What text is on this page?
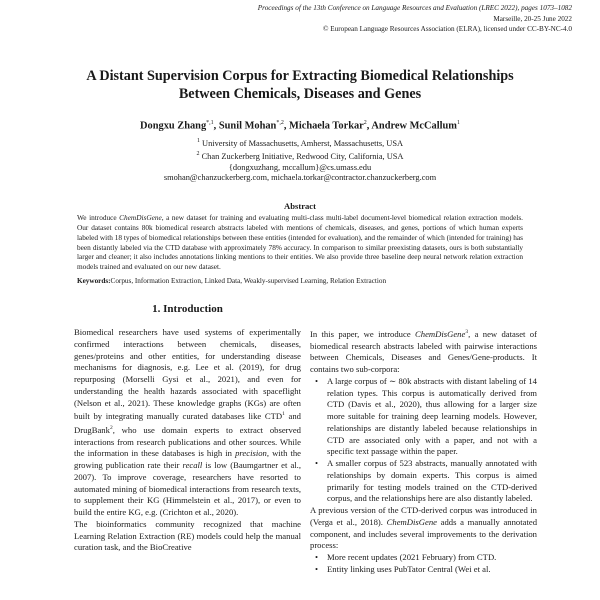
Proceedings of the 13th Conference on Language Resources and Evaluation (LREC 2022), pages 1073–1082
Marseille, 20-25 June 2022
© European Language Resources Association (ELRA), licensed under CC-BY-NC-4.0
A Distant Supervision Corpus for Extracting Biomedical Relationships
Between Chemicals, Diseases and Genes
Dongxu Zhang$^{*,1}$, Sunil Mohan$^{*,2}$, Michaela Torkar$^2$, Andrew McCallum$^1$
$^1$ University of Massachusetts, Amherst, Massachusetts, USA
$^2$ Chan Zuckerberg Initiative, Redwood City, California, USA
{dongxuzhang, mccallum}@cs.umass.edu
smohan@chanzuckerberg.com, michaela.torkar@contractor.chanzuckerberg.com
Abstract
We introduce ChemDisGene, a new dataset for training and evaluating multi-class multi-label document-level biomedical relation extraction models. Our dataset contains 80k biomedical research abstracts labeled with mentions of chemicals, diseases, and genes, portions of which human experts labeled with 18 types of biomedical relationships between these entities (intended for evaluation), and the remainder of which (intended for training) has been distantly labeled via the CTD database with approximately 78% accuracy. In comparison to similar preexisting datasets, ours is both substantially larger and cleaner; it also includes annotations linking mentions to their entities. We also provide three baseline deep neural network relation extraction models trained and evaluated on our new dataset.
Keywords:Corpus, Information Extraction, Linked Data, Weakly-supervised Learning, Relation Extraction
1. Introduction

Biomedical researchers have used systems of experimentally confirmed interactions between chemicals, diseases, genes/proteins and other entities, for understanding disease mechanisms for diagnosis, e.g. Lee et al. (2019), for drug repurposing (Morselli Gysi et al., 2021), and even for understanding the health hazards associated with spaceflight (Nelson et al., 2021). These knowledge graphs (KGs) are often built by integrating manually curated databases like CTD$^1$ and DrugBank$^2$, who use domain experts to extract observed interactions from research publications and other sources. While the information in these databases is high in precision, with the growing publication rate their recall is low (Baumgartner et al., 2007). To improve coverage, researchers have resorted to automated mining of biomedical interactions from research texts, to supplement their KG (Himmelstein et al., 2017), or even to build the entire KG, e.g. (Crichton et al., 2020).

The bioinformatics community recognized that machine Learning Relation Extraction (RE) models could help the manual curation task, and the BioCreative

In this paper, we introduce ChemDisGene$^3$, a new dataset of biomedical research abstracts labeled with pairwise interactions between Chemicals, Diseases and Genes/Gene-products. It contains two sub-corpora:

• A large corpus of ∼ 80k abstracts with distant labeling of 14 relation types. This corpus is automatically derived from CTD (Davis et al., 2020), thus allowing for a larger size more suitable for training deep learning models. However, relationships are distantly labeled because relationships in CTD are associated only with a paper, and not with a specific text passage within the paper.
• A smaller corpus of 523 abstracts, manually annotated with relationships by domain experts. This corpus is aimed primarily for testing models trained on the CTD-derived corpus, and the relationships here are also distantly labeled.

A previous version of the CTD-derived corpus was introduced in (Verga et al., 2018). ChemDisGene adds a manually annotated component, and includes several improvements to the derivation process:

• More recent updates (2021 February) from CTD.
• Entity linking uses PubTator Central (Wei et al.
